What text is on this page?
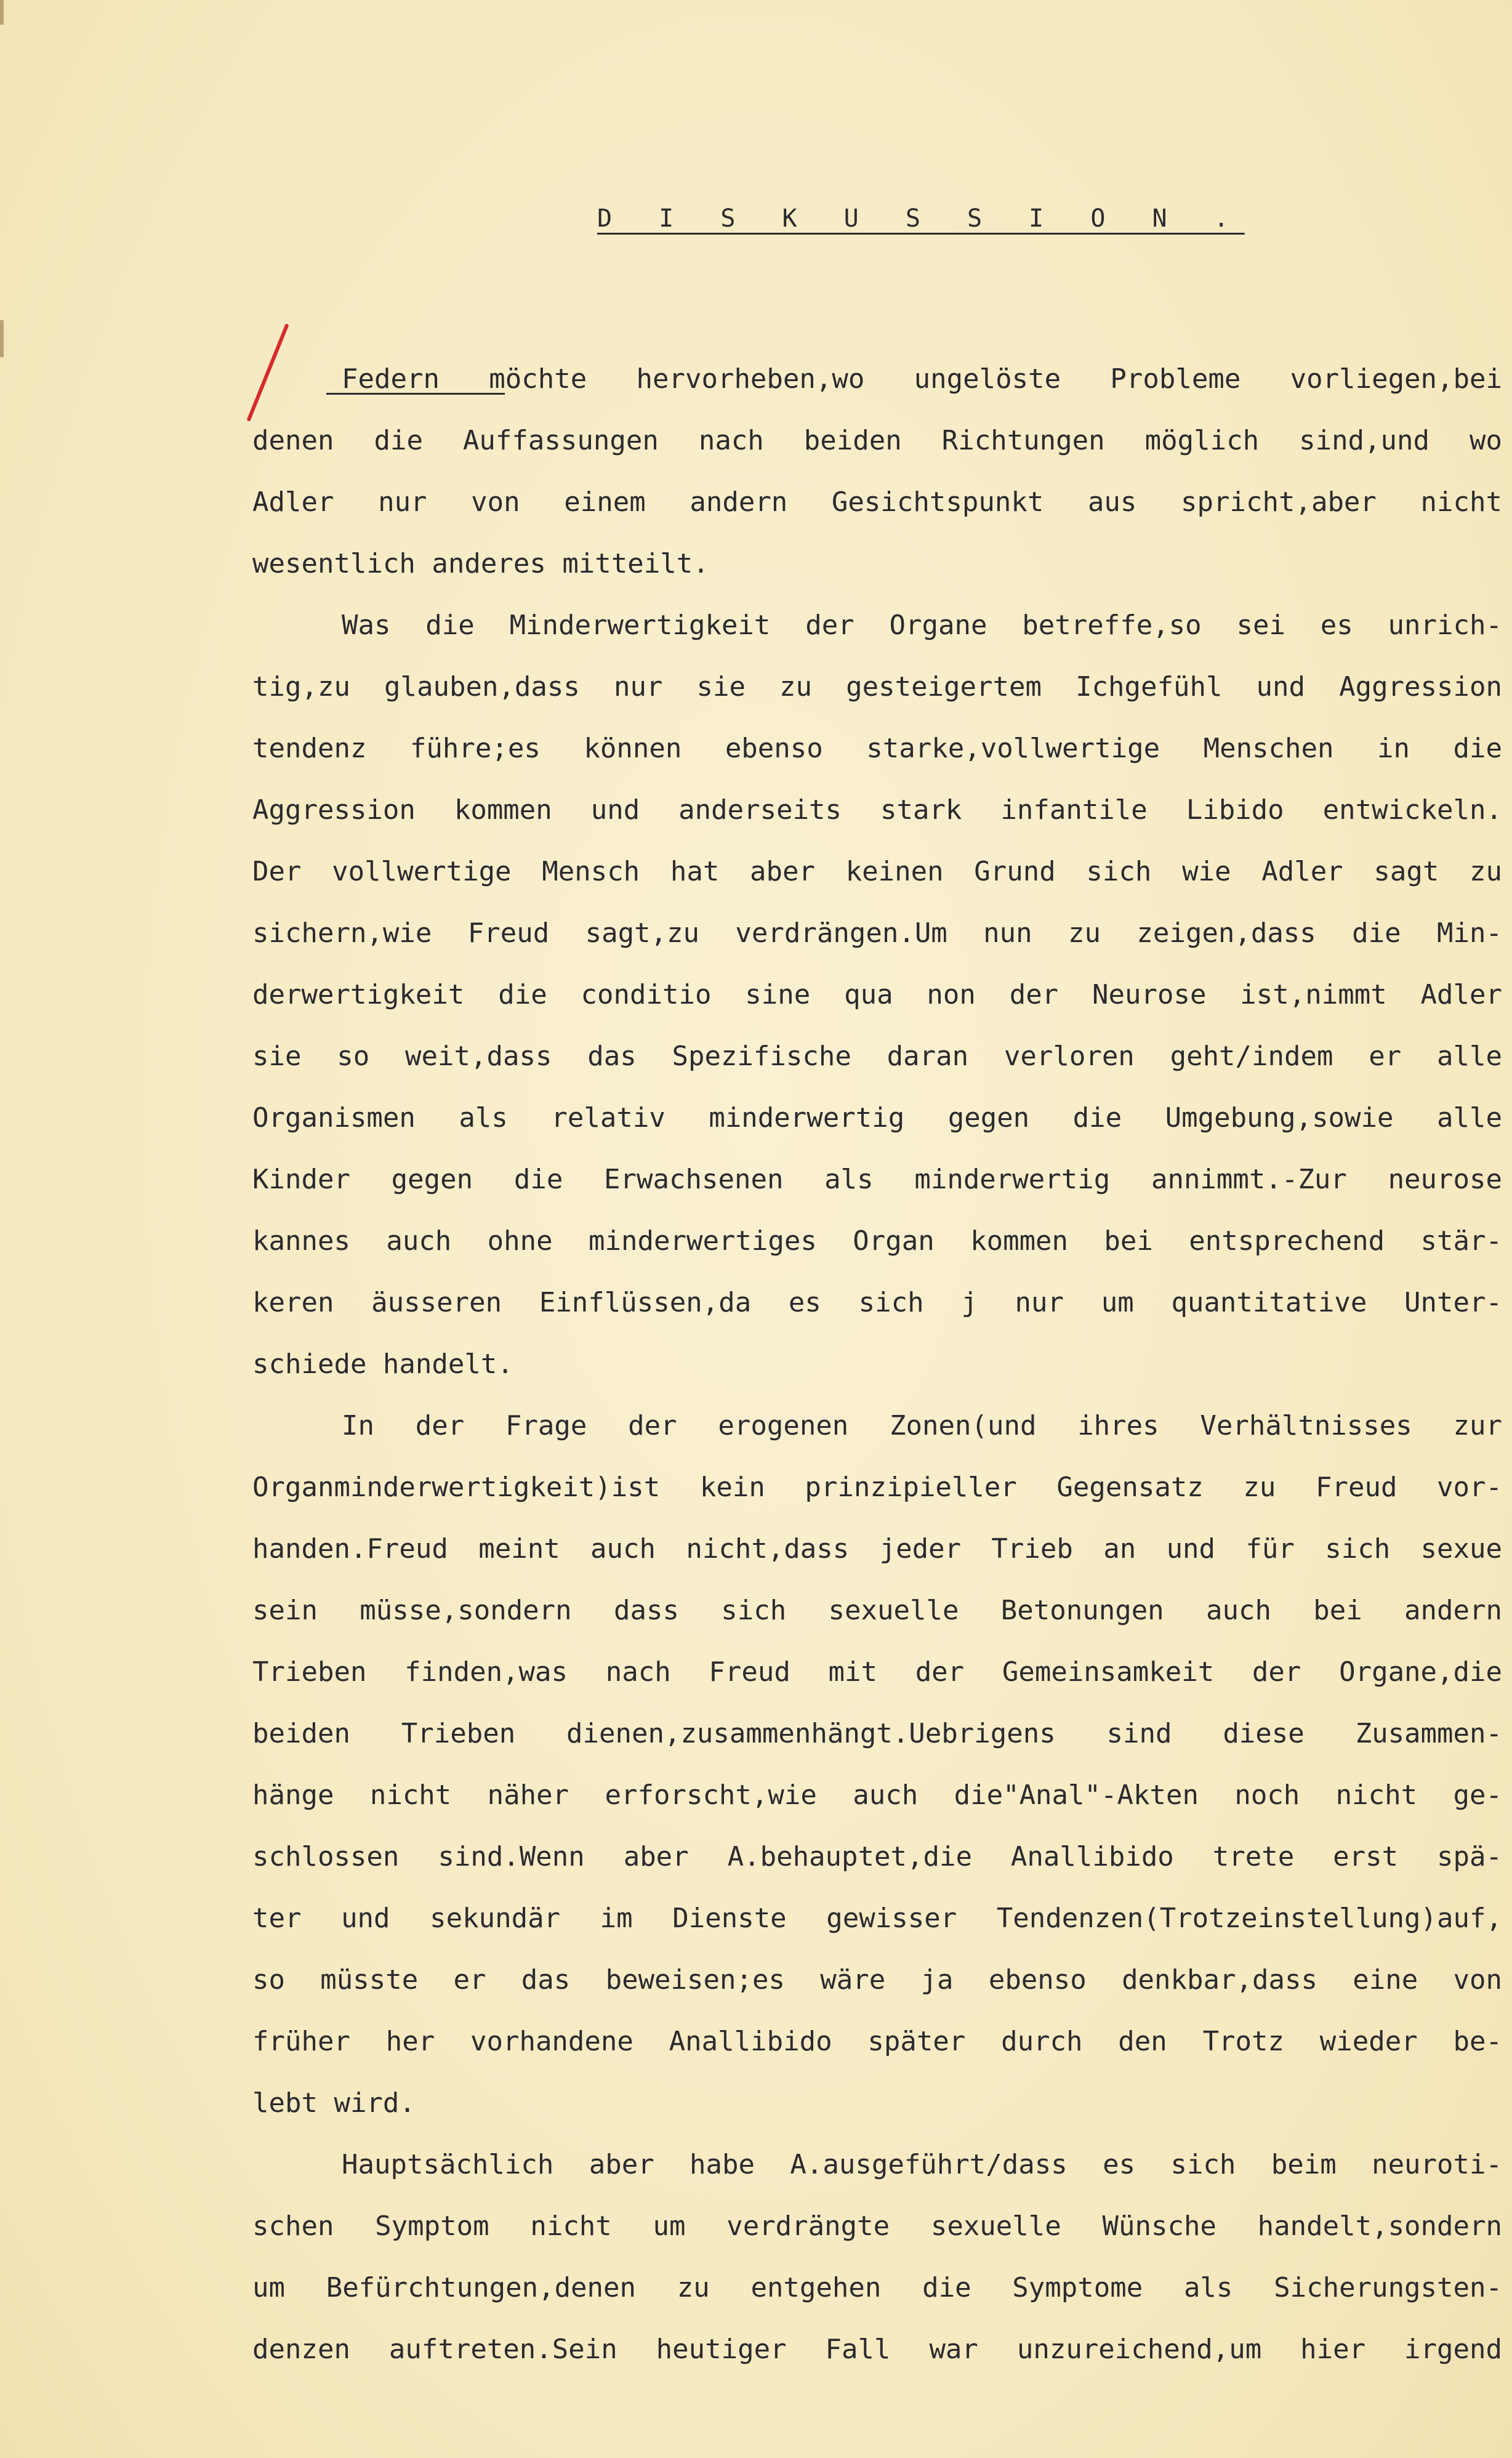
D I S K U S S I O N .
Federn möchte hervorheben,wo ungelöste Probleme vorliegen,bei
denen die Auffassungen nach beiden Richtungen möglich sind,und wo
Adler nur von einem andern Gesichtspunkt aus spricht,aber nicht
wesentlich anderes mitteilt.
Was die Minderwertigkeit der Organe betreffe,so sei es unrich-
tig,zu glauben,dass nur sie zu gesteigertem Ichgefühl und Aggression
tendenz führe;es können ebenso starke,vollwertige Menschen in die
Aggression kommen und anderseits stark infantile Libido entwickeln.
Der vollwertige Mensch hat aber keinen Grund sich wie Adler sagt zu
sichern,wie Freud sagt,zu verdrängen.Um nun zu zeigen,dass die Min-
derwertigkeit die conditio sine qua non der Neurose ist,nimmt Adler
sie so weit,dass das Spezifische daran verloren geht/indem er alle
Organismen als relativ minderwertig gegen die Umgebung,sowie alle
Kinder gegen die Erwachsenen als minderwertig annimmt.-Zur neurose
kannes auch ohne minderwertiges Organ kommen bei entsprechend stär-
keren äusseren Einflüssen,da es sich j nur um quantitative Unter-
schiede handelt.
In der Frage der erogenen Zonen(und ihres Verhältnisses zur
Organminderwertigkeit)ist kein prinzipieller Gegensatz zu Freud vor-
handen.Freud meint auch nicht,dass jeder Trieb an und für sich sexue
sein müsse,sondern dass sich sexuelle Betonungen auch bei andern
Trieben finden,was nach Freud mit der Gemeinsamkeit der Organe,die
beiden Trieben dienen,zusammenhängt.Uebrigens sind diese Zusammen-
hänge nicht näher erforscht,wie auch die"Anal"-Akten noch nicht ge-
schlossen sind.Wenn aber A.behauptet,die Anallibido trete erst spä-
ter und sekundär im Dienste gewisser Tendenzen(Trotzeinstellung)auf,
so müsste er das beweisen;es wäre ja ebenso denkbar,dass eine von
früher her vorhandene Anallibido später durch den Trotz wieder be-
lebt wird.
Hauptsächlich aber habe A.ausgeführt/dass es sich beim neuroti-
schen Symptom nicht um verdrängte sexuelle Wünsche handelt,sondern
um Befürchtungen,denen zu entgehen die Symptome als Sicherungsten-
denzen auftreten.Sein heutiger Fall war unzureichend,um hier irgend
